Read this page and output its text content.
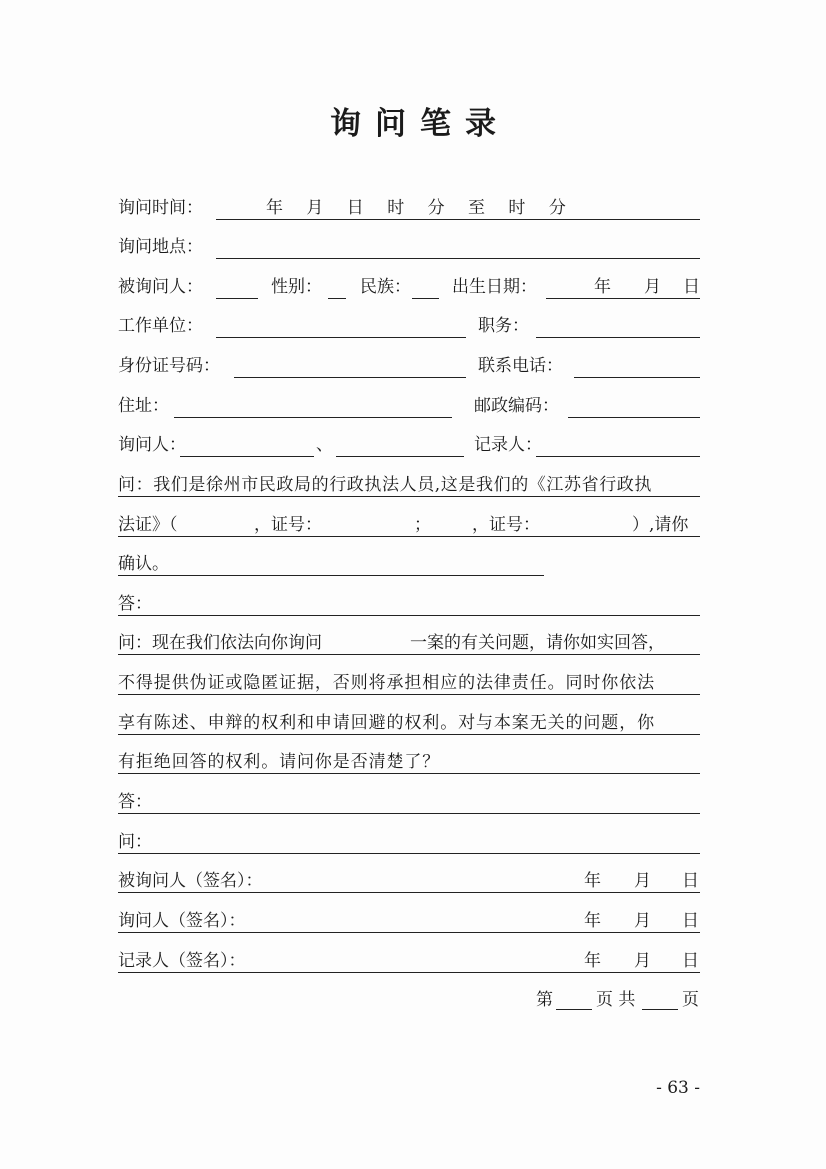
询问笔录
询问时间：	年 月 日 时 分 至 时 分
询问地点：
被询问人：	性别： 民族： 出生日期：	年 月 日
工作单位：	职务：
身份证号码：	联系电话：
住址：	邮政编码：
询问人：	、	记录人：
问：我们是徐州市民政局的行政执法人员,这是我们的《江苏省行政执
法证》（	，证号：	； ，证号：	）,请你
确认。
答：
问：现在我们依法向你询问	一案的有关问题，请你如实回答，
不得提供伪证或隐匿证据，否则将承担相应的法律责任。同时你依法
享有陈述、申辩的权利和申请回避的权利。对与本案无关的问题，你
有拒绝回答的权利。请问你是否清楚了？
答：
问：
被询问人（签名）：	年 月 日
询问人（签名）：	年 月 日
记录人（签名）：	年 月 日
第	页 共	页
- 63 -
